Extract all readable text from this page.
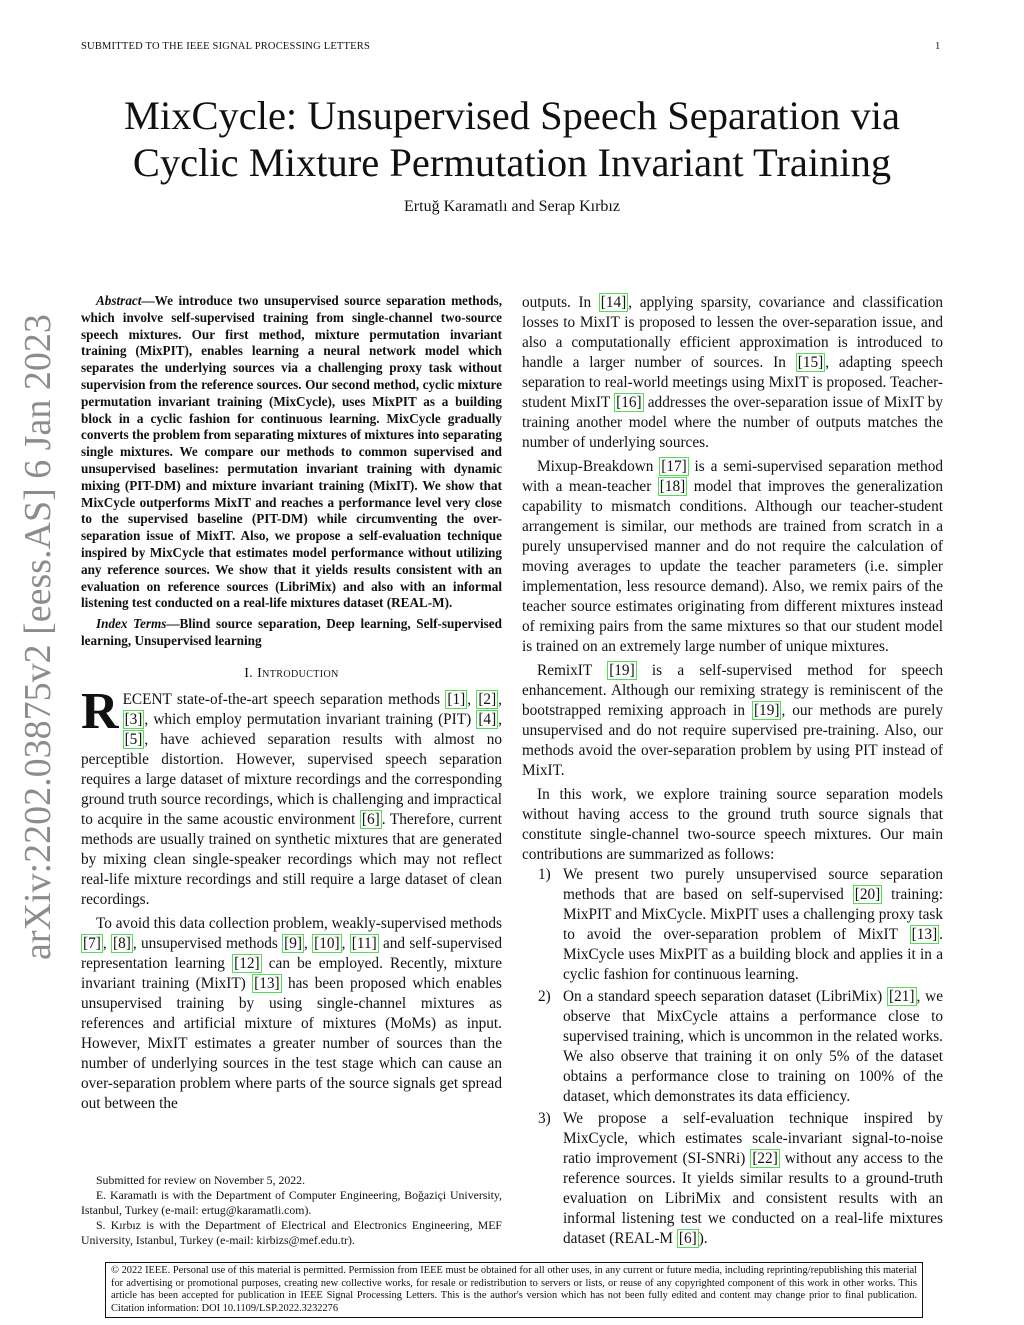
SUBMITTED TO THE IEEE SIGNAL PROCESSING LETTERS	1
arXiv:2202.03875v2 [eess.AS] 6 Jan 2023
MixCycle: Unsupervised Speech Separation via
Cyclic Mixture Permutation Invariant Training
Ertuğ Karamatlı and Serap Kırbız

Abstract—We introduce two unsupervised source separation methods, which involve self-supervised training from single-channel two-source speech mixtures. Our first method, mixture permutation invariant training (MixPIT), enables learning a neural network model which separates the underlying sources via a challenging proxy task without supervision from the reference sources. Our second method, cyclic mixture permutation invariant training (MixCycle), uses MixPIT as a building block in a cyclic fashion for continuous learning. MixCycle gradually converts the problem from separating mixtures of mixtures into separating single mixtures. We compare our methods to common supervised and unsupervised baselines: permutation invariant training with dynamic mixing (PIT-DM) and mixture invariant training (MixIT). We show that MixCycle outperforms MixIT and reaches a performance level very close to the supervised baseline (PIT-DM) while circumventing the over-separation issue of MixIT. Also, we propose a self-evaluation technique inspired by MixCycle that estimates model performance without utilizing any reference sources. We show that it yields results consistent with an evaluation on reference sources (LibriMix) and also with an informal listening test conducted on a real-life mixtures dataset (REAL-M).

Index Terms—Blind source separation, Deep learning, Self-supervised learning, Unsupervised learning

I. Introduction

RECENT state-of-the-art speech separation methods [1] , [2] , [3] , which employ permutation invariant training (PIT) [4] , [5] , have achieved separation results with almost no perceptible distortion. However, supervised speech separation requires a large dataset of mixture recordings and the corresponding ground truth source recordings, which is challenging and impractical to acquire in the same acoustic environment [6] . Therefore, current methods are usually trained on synthetic mixtures that are generated by mixing clean single-speaker recordings which may not reflect real-life mixture recordings and still require a large dataset of clean recordings.

To avoid this data collection problem, weakly-supervised methods [7] , [8] , unsupervised methods [9] , [10] , [11] and self-supervised representation learning [12] can be employed. Recently, mixture invariant training (MixIT) [13] has been proposed which enables unsupervised training by using single-channel mixtures as references and artificial mixture of mixtures (MoMs) as input. However, MixIT estimates a greater number of sources than the number of underlying sources in the test stage which can cause an over-separation problem where parts of the source signals get spread out between the

outputs. In [14] , applying sparsity, covariance and classification losses to MixIT is proposed to lessen the over-separation issue, and also a computationally efficient approximation is introduced to handle a larger number of sources. In [15] , adapting speech separation to real-world meetings using MixIT is proposed. Teacher-student MixIT [16] addresses the over-separation issue of MixIT by training another model where the number of outputs matches the number of underlying sources.

Mixup-Breakdown [17] is a semi-supervised separation method with a mean-teacher [18] model that improves the generalization capability to mismatch conditions. Although our teacher-student arrangement is similar, our methods are trained from scratch in a purely unsupervised manner and do not require the calculation of moving averages to update the teacher parameters (i.e. simpler implementation, less resource demand). Also, we remix pairs of the teacher source estimates originating from different mixtures instead of remixing pairs from the same mixtures so that our student model is trained on an extremely large number of unique mixtures.

RemixIT [19] is a self-supervised method for speech enhancement. Although our remixing strategy is reminiscent of the bootstrapped remixing approach in [19] , our methods are purely unsupervised and do not require supervised pre-training. Also, our methods avoid the over-separation problem by using PIT instead of MixIT.

In this work, we explore training source separation models without having access to the ground truth source signals that constitute single-channel two-source speech mixtures. Our main contributions are summarized as follows:

1) We present two purely unsupervised source separation methods that are based on self-supervised [20] training: MixPIT and MixCycle. MixPIT uses a challenging proxy task to avoid the over-separation problem of MixIT [13] . MixCycle uses MixPIT as a building block and applies it in a cyclic fashion for continuous learning.
2) On a standard speech separation dataset (LibriMix) [21] , we observe that MixCycle attains a performance close to supervised training, which is uncommon in the related works. We also observe that training it on only 5% of the dataset obtains a performance close to training on 100% of the dataset, which demonstrates its data efficiency.
3) We propose a self-evaluation technique inspired by MixCycle, which estimates scale-invariant signal-to-noise ratio improvement (SI-SNRi) [22] without any access to the reference sources. It yields similar results to a ground-truth evaluation on LibriMix and consistent results with an informal listening test we conducted on a real-life mixtures dataset (REAL-M [6] ).

Submitted for review on November 5, 2022.

E. Karamatlı is with the Department of Computer Engineering, Boğaziçi University, Istanbul, Turkey (e-mail: ertug@karamatli.com).

S. Kırbız is with the Department of Electrical and Electronics Engineering, MEF University, Istanbul, Turkey (e-mail: kirbizs@mef.edu.tr).

© 2022 IEEE. Personal use of this material is permitted. Permission from IEEE must be obtained for all other uses, in any current or future media, including reprinting/republishing this material for advertising or promotional purposes, creating new collective works, for resale or redistribution to servers or lists, or reuse of any copyrighted component of this work in other works. This article has been accepted for publication in IEEE Signal Processing Letters. This is the author's version which has not been fully edited and content may change prior to final publication. Citation information: DOI 10.1109/LSP.2022.3232276
